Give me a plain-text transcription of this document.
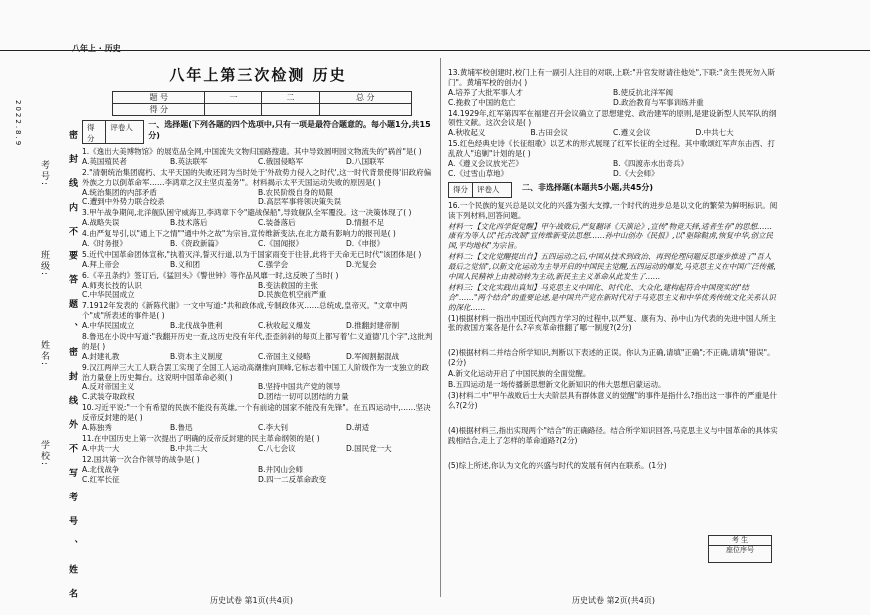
八年上 · 历史
2022.8.9
考号:
班级:
姓名:
学校: 密 封 线 内 不 要 答 题 、 密 封 线 外 不 写 考 号 、 姓 名
八年上第三次检测 历史
题 号	一	二	总 分
得 分			
得分
评卷人	一、选择题(下列各题的四个选项中,只有一项是最符合题意的。每小题1分,共15分)
1.《逸出大美博物馆》的展览品全网,中国流失文物归国路搜遗。其中导致圆明园文物流失的"祸首"是( )
A.英国殖民者	B.英法联军	C.俄国侵略军	D.八国联军
2."清朝统治集团腐朽、太平天国的失败还同为当时处于'外敌势力侵入之时代',这一时代背景使得'旧政府偏外族之力以倒革命军……李鸿章之汉主坚贞羞务'"。材料揭示太平天国运动失败的原因是( )
A.统治集团的内部矛盾	B.农民阶级自身的局限
C.遭到中外势力联合绞杀	D.高层军事将领决策失误
3.甲午战争期间,北洋舰队困守威海卫,李鸿章下令"避战保船",导致舰队全军覆没。这一决策体现了( )
A.战略失误	B.技术落后	C.装备落后	D.情报不足
4.由严复导引,以"通上下之情""通中外之故"为宗旨,宣传维新变法,在北方最有影响力的报刊是( )
A.《时务报》	B.《资政新篇》	C.《国闻报》	D.《申报》
5.近代中国革命团体宣称,"执着灭洋,誓灭行道,以为于国家雨变于往昔,此将于天命无已时代"该团体是( )
A.拜上帝会	B.义和团	C.强学会	D.光复会
6.《辛丑条约》签订后,《猛回头》《警世钟》等作品风靡一时,这反映了当时( )
A.师夷长技的认识	B.变法救国的主张
C.中华民国成立	D.民族危机空前严重
7.1912年发表的《新陈代谢》一文中写道:"共和政体成,专制政体灭……总统成,皇帝灭。"文章中两个"成"所表述的事件是( )
A.中华民国成立	B.北伐战争胜利	C.秋收起义爆发	D.推翻封建帝制
8.鲁迅在小说中写道:"我翻开历史一查,这历史没有年代,歪歪斜斜的每页上都写着'仁义道德'几个字",这批判的是( )
A.封建礼教	B.资本主义制度	C.帝国主义侵略	D.军阀割据混战
9.汉江两岸三大工人联合罢工实现了全国工人运动高潮推向顶峰,它标志着中国工人阶级作为一支独立的政治力量登上历史舞台。这说明中国革命必须( )
A.反对帝国主义	B.坚持中国共产党的领导
C.武装夺取政权	D.团结一切可以团结的力量
10.习近平说:"一个有希望的民族不能没有英雄,一个有前途的国家不能没有先锋"。在五四运动中,……坚决反帝反封建的是( )
A.陈独秀	B.鲁迅	C.李大钊	D.胡适
11.在中国历史上第一次提出了明确的反帝反封建的民主革命纲领的是( )
A.中共一大	B.中共二大	C.八七会议	D.国民党一大
12.国共第一次合作领导的战争是( )
A.北伐战争	B.井冈山会师
C.红军长征	D.四一二反革命政变
13.黄埔军校创建时,校门上有一副引人注目的对联,上联:"升官发财请往他处",下联:"贪生畏死勿入斯门"。黄埔军校的创办( )
A.培养了大批军事人才	B.使反抗北洋军阀
C.挽救了中国的危亡	D.政治教育与军事训练并重
14.1929年,红军第四军在福建召开会议确立了思想建党、政治建军的原则,是建设新型人民军队的纲领性文献。这次会议是( )
A.秋收起义	B.古田会议	C.遵义会议	D.中共七大
15.红色经典史诗《长征组歌》以艺术的形式展现了红军长征的全过程。其中歌颂红军声东击西、打乱敌人"追剿"计划的是( )
A.《遵义会议放光芒》	B.《四渡赤水出奇兵》
C.《过雪山草地》	D.《大会师》
得分	评卷人	二、非选择题(本题共5小题,共45分)
16.一个民族的复兴总是以文化的兴盛为强大支撑,一个时代的进步总是以文化的繁荣为鲜明标识。阅读下列材料,回答问题。
材料一:【文化西学促觉醒】甲午战败后,严复翻译《天演论》,宣传"物竞天择,适者生存"的思想……康有为等人以"托古改制"宣传维新变法思想……孙中山创办《民报》,以"驱除鞑虏,恢复中华,创立民国,平均地权"为宗旨。
材料二:【文化觉醒提出自】五四运动之后,中国从技术到政治、再到伦理问题反思逐步推进了"吾人最后之觉悟",以新文化运动为主导开启的中国民主觉醒,五四运动的爆发,马克思主义在中国广泛传播,中国人民精神上由被动转为主动,新民主主义革命从此发生了……
材料三:【文化实践出真知】马克思主义中国化、时代化、大众化,建构起符合中国现实的"结合"……"两个结合"的重要论述,是中国共产党在新时代对于马克思主义和中华优秀传统文化关系认识的深化……
(1)根据材料一指出中国近代向西方学习的过程中,以严复、康有为、孙中山为代表的先进中国人所主张的救国方案各是什么?辛亥革命推翻了哪一制度?(2分)
(2)根据材料二并结合所学知识,判断以下表述的正误。你认为正确,请填"正确";不正确,请填"错误"。(2分)
A.新文化运动开启了中国民族的全面觉醒。
B.五四运动是一场传播新思想新文化新知识的伟大思想启蒙运动。
(3)材料二中"甲午战败后士大夫阶层具有群体意义的觉醒"的事件是指什么?指出这一事件的严重是什么?(2分)
(4)根据材料三,指出实现两个"结合"的正确路径。结合所学知识回答,马克思主义与中国革命的具体实践相结合,走上了怎样的革命道路?(2分)
(5)综上所述,你认为文化的兴盛与时代的发展有何内在联系。(1分)
考 生
座位序号
历史试卷 第1页(共4页)	历史试卷 第2页(共4页)
